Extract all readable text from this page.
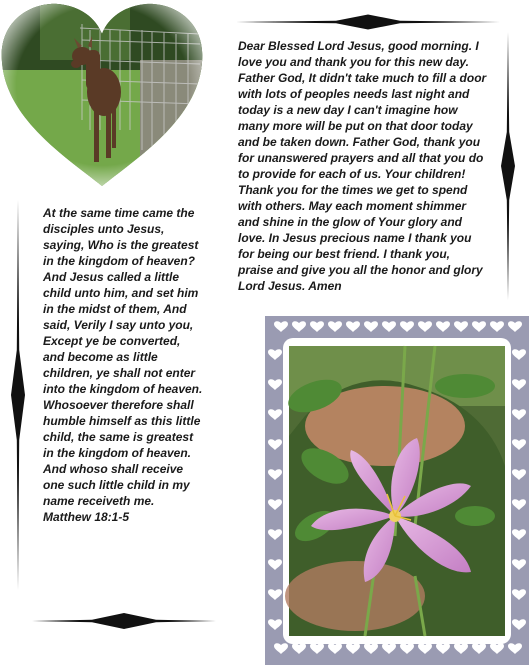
Dear Blessed Lord Jesus, good morning. I love you and thank you for this new day. Father God, It didn't take much to fill a door with lots of peoples needs last night and today is a new day I can't imagine how many more will be put on that door today and be taken down. Father God, thank you for unanswered prayers and all that you do to provide for each of us. Your children! Thank you for the times we get to spend with others. May each moment shimmer and shine in the glow of Your glory and love. In Jesus precious name I thank you for being our best friend. I thank you, praise and give you all the honor and glory Lord Jesus. Amen

At the same time came the disciples unto Jesus, saying, Who is the greatest in the kingdom of heaven? And Jesus called a little child unto him, and set him in the midst of them, And said, Verily I say unto you, Except ye be converted, and become as little children, ye shall not enter into the kingdom of heaven. Whosoever therefore shall humble himself as this little child, the same is greatest in the kingdom of heaven. And whoso shall receive one such little child in my name receiveth me.
Matthew 18:1-5
